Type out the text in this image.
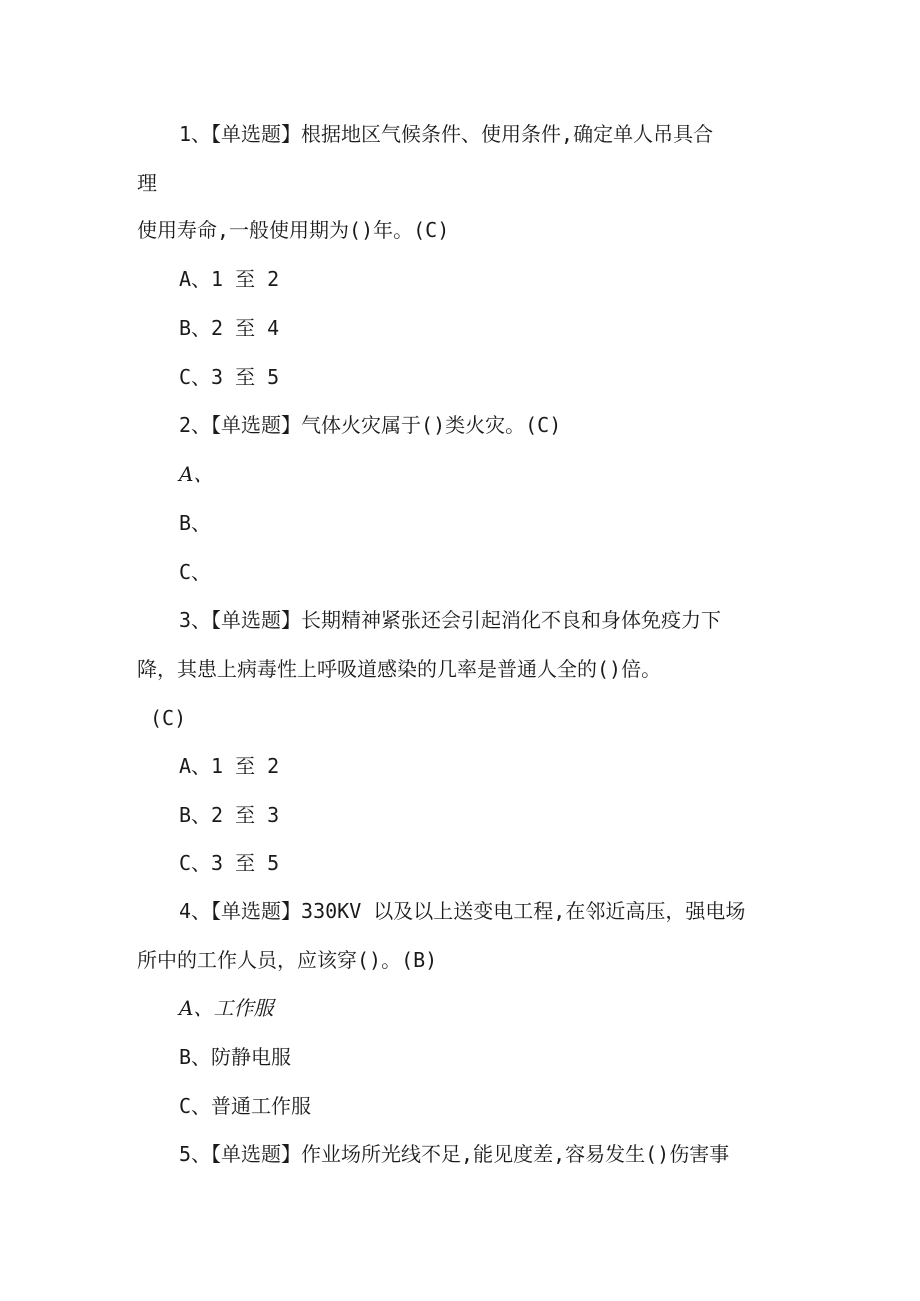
1、【单选题】根据地区气候条件、使用条件,确定单人吊具合
理
使用寿命,一般使用期为()年。(C)
A、1 至 2
B、2 至 4
C、3 至 5
2、【单选题】气体火灾属于()类火灾。(C)
A、
B、
C、
3、【单选题】长期精神紧张还会引起消化不良和身体免疫力下
降，其患上病毒性上呼吸道感染的几率是普通人全的()倍。
(C)
A、1 至 2
B、2 至 3
C、3 至 5
4、【单选题】330KV 以及以上送变电工程,在邻近高压，强电场
所中的工作人员，应该穿()。(B)
A、工作服
B、防静电服
C、普通工作服
5、【单选题】作业场所光线不足,能见度差,容易发生()伤害事
